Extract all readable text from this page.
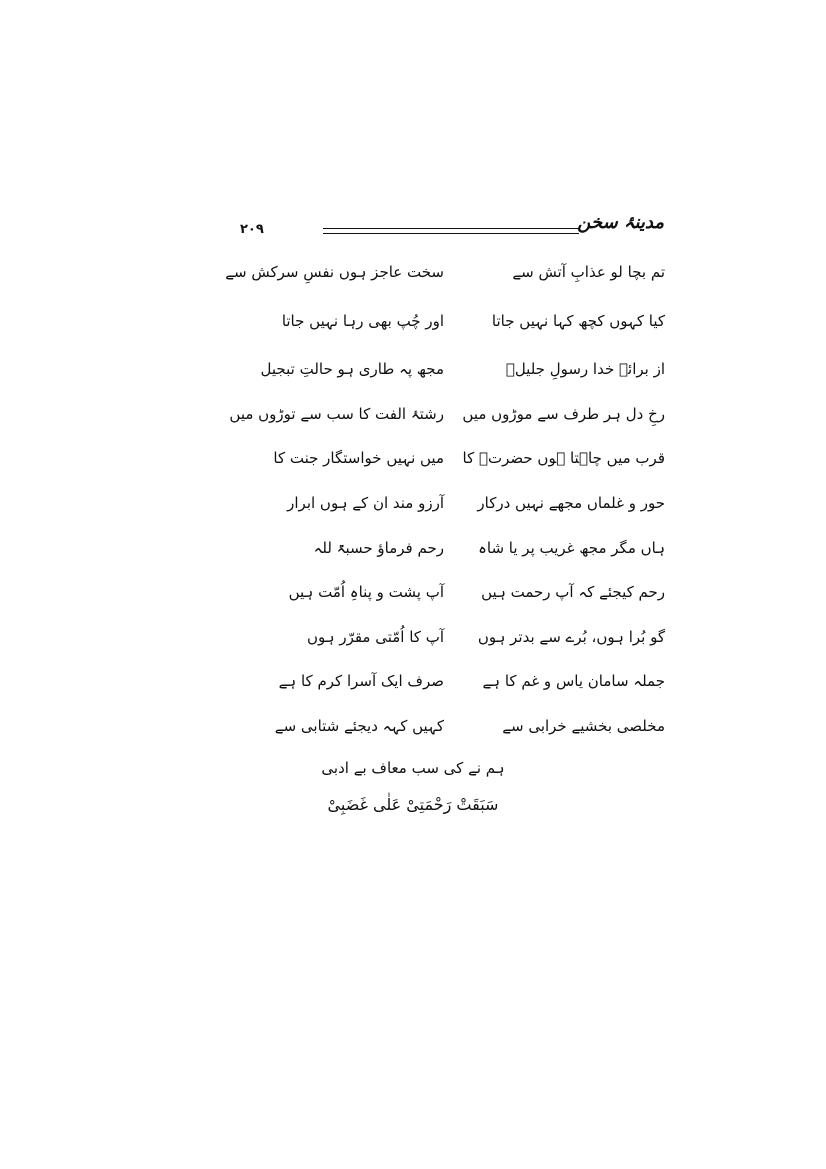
۲۰۹	مدینۂ سخن
تم بچا لو عذابِ آتش سے
سخت عاجز ہوں نفسِ سرکش سے
کیا کہوں کچھ کہا نہیں جاتا
اور چُپ بھی رہا نہیں جاتا
از برائے خدا رسولِ جلیلؐ
مجھ پہ طاری ہو حالتِ تبجیل
رخِ دل ہر طرف سے موڑوں میں
رشتۂ الفت کا سب سے توڑوں میں
قرب میں چاہتا ہوں حضرتؐ کا
میں نہیں خواستگار جنت کا
حور و غلماں مجھے نہیں درکار
آرزو مند ان کے ہوں ابرار
ہاں مگر مجھ غریب پر یا شاہ
رحم فرماؤ حسبۃً للہ
رحم کیجئے کہ آپ رحمت ہیں
آپ پشت و پناہِ اُمّت ہیں
گو بُرا ہوں، بُرے سے بدتر ہوں
آپ کا اُمّتی مقرّر ہوں
جملہ سامان یاس و غم کا ہے
صرف ایک آسرا کرم کا ہے
مخلصی بخشیے خرابی سے
کہیں کہہ دیجئے شتابی سے
ہم نے کی سب معاف بے ادبی
سَبَقَتْ رَحْمَتِیْ عَلٰی غَضَبِیْ
